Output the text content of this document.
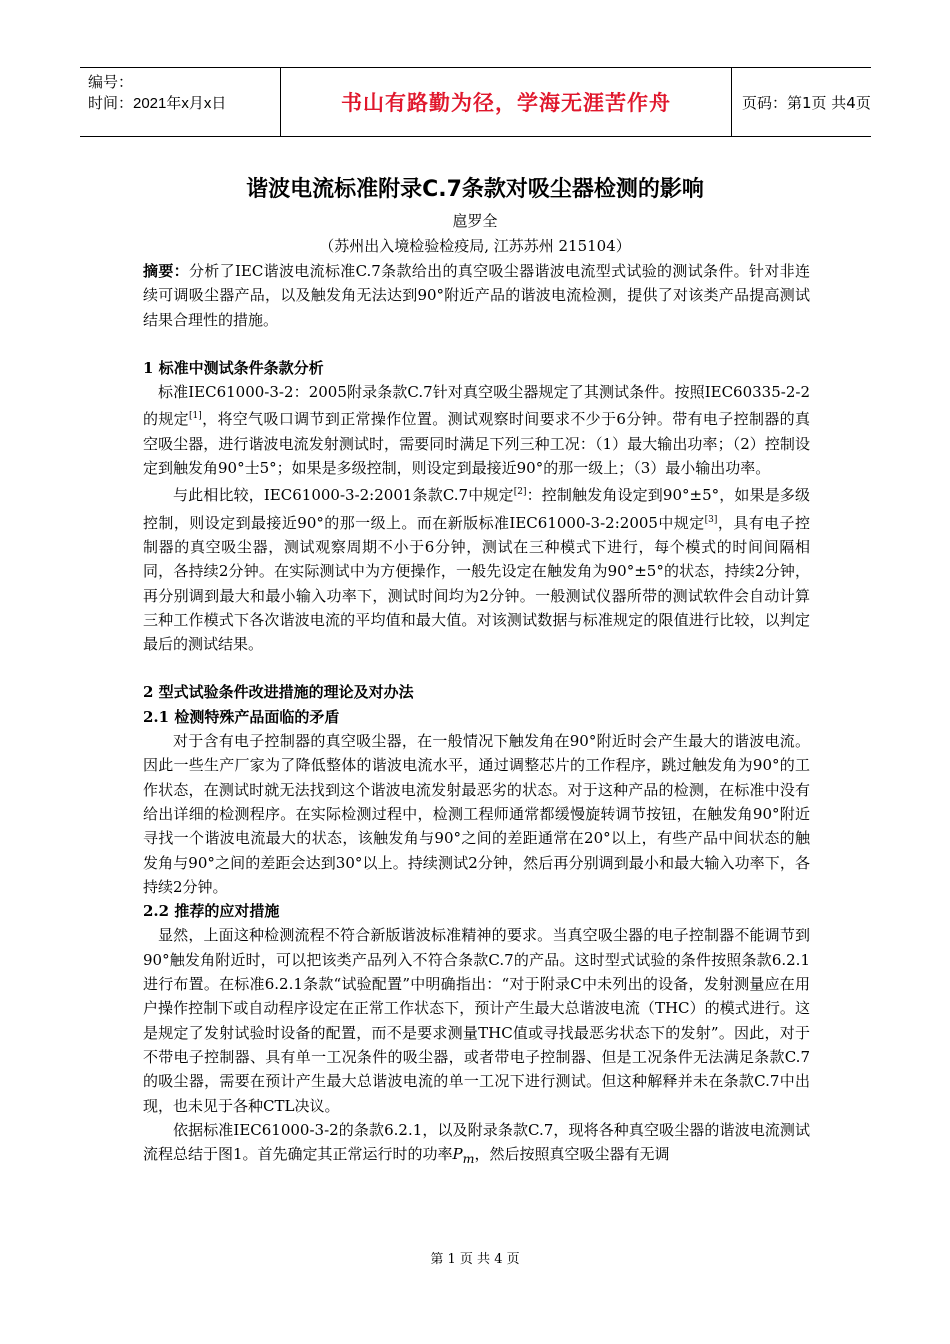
编号：
时间：2021年x月x日	书山有路勤为径，学海无涯苦作舟	页码：第1页 共4页
谐波电流标准附录C.7条款对吸尘器检测的影响
扈罗全
（苏州出入境检验检疫局, 江苏苏州 215104）

摘要：分析了IEC谐波电流标准C.7条款给出的真空吸尘器谐波电流型式试验的测试条件。针对非连续可调吸尘器产品，以及触发角无法达到90°附近产品的谐波电流检测，提供了对该类产品提高测试结果合理性的措施。

1 标准中测试条件条款分析

标准IEC61000-3-2：2005附录条款C.7针对真空吸尘器规定了其测试条件。按照IEC60335-2-2的规定[1]，将空气吸口调节到正常操作位置。测试观察时间要求不少于6分钟。带有电子控制器的真空吸尘器，进行谐波电流发射测试时，需要同时满足下列三种工况：（1）最大输出功率；（2）控制设定到触发角90°士5°；如果是多级控制，则设定到最接近90°的那一级上；（3）最小输出功率。

与此相比较，IEC61000-3-2:2001条款C.7中规定[2]：控制触发角设定到90°±5°，如果是多级控制，则设定到最接近90°的那一级上。而在新版标准IEC61000-3-2:2005中规定[3]，具有电子控制器的真空吸尘器，测试观察周期不小于6分钟，测试在三种模式下进行，每个模式的时间间隔相同，各持续2分钟。在实际测试中为方便操作，一般先设定在触发角为90°±5°的状态，持续2分钟，再分别调到最大和最小输入功率下，测试时间均为2分钟。一般测试仪器所带的测试软件会自动计算三种工作模式下各次谐波电流的平均值和最大值。对该测试数据与标准规定的限值进行比较，以判定最后的测试结果。

2 型式试验条件改进措施的理论及对办法

2.1 检测特殊产品面临的矛盾

对于含有电子控制器的真空吸尘器，在一般情况下触发角在90°附近时会产生最大的谐波电流。因此一些生产厂家为了降低整体的谐波电流水平，通过调整芯片的工作程序，跳过触发角为90°的工作状态，在测试时就无法找到这个谐波电流发射最恶劣的状态。对于这种产品的检测，在标准中没有给出详细的检测程序。在实际检测过程中，检测工程师通常都缓慢旋转调节按钮，在触发角90°附近寻找一个谐波电流最大的状态，该触发角与90°之间的差距通常在20°以上，有些产品中间状态的触发角与90°之间的差距会达到30°以上。持续测试2分钟，然后再分别调到最小和最大输入功率下，各持续2分钟。

2.2 推荐的应对措施

显然，上面这种检测流程不符合新版谐波标准精神的要求。当真空吸尘器的电子控制器不能调节到90°触发角附近时，可以把该类产品列入不符合条款C.7的产品。这时型式试验的条件按照条款6.2.1进行布置。在标准6.2.1条款“试验配置”中明确指出：“对于附录C中未列出的设备，发射测量应在用户操作控制下或自动程序设定在正常工作状态下，预计产生最大总谐波电流（THC）的模式进行。这是规定了发射试验时设备的配置，而不是要求测量THC值或寻找最恶劣状态下的发射”。因此，对于不带电子控制器、具有单一工况条件的吸尘器，或者带电子控制器、但是工况条件无法满足条款C.7的吸尘器，需要在预计产生最大总谐波电流的单一工况下进行测试。但这种解释并未在条款C.7中出现，也未见于各种CTL决议。

依据标准IEC61000-3-2的条款6.2.1，以及附录条款C.7，现将各种真空吸尘器的谐波电流测试流程总结于图1。首先确定其正常运行时的功率$P_m$，然后按照真空吸尘器有无调

第 1 页 共 4 页
